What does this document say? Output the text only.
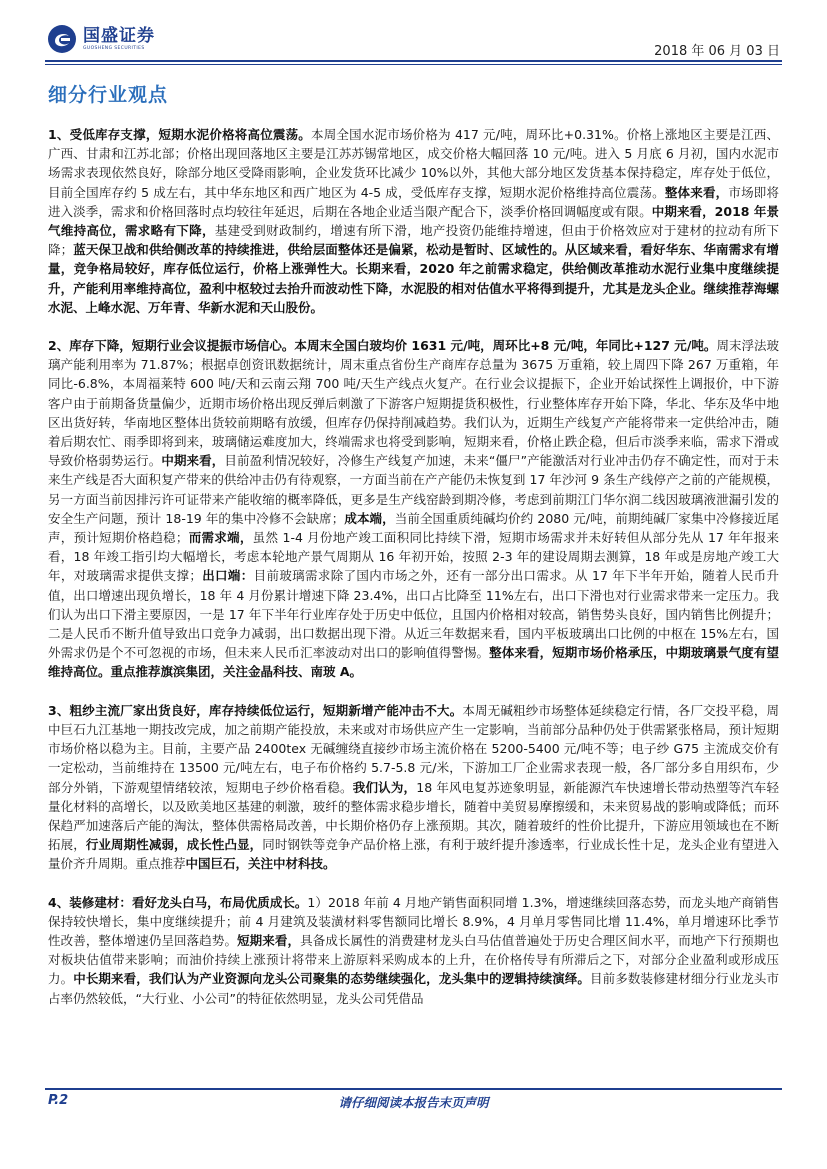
国盛证券
GUOSHENG SECURITIES	2018 年 06 月 03 日
细分行业观点

1、受低库存支撑，短期水泥价格将高位震荡。本周全国水泥市场价格为 417 元/吨，周环比+0.31%。价格上涨地区主要是江西、广西、甘肃和江苏北部；价格出现回落地区主要是江苏苏锡常地区，成交价格大幅回落 10 元/吨。进入 5 月底 6 月初，国内水泥市场需求表现依然良好，除部分地区受降雨影响，企业发货环比减少 10%以外，其他大部分地区发货基本保持稳定，库存处于低位，目前全国库存约 5 成左右，其中华东地区和西广地区为 4-5 成，受低库存支撑，短期水泥价格维持高位震荡。整体来看，市场即将进入淡季，需求和价格回落时点均较往年延迟，后期在各地企业适当限产配合下，淡季价格回调幅度或有限。中期来看，2018 年景气维持高位，需求略有下降，基建受到财政制约，增速有所下滑，地产投资仍能维持增速，但由于价格效应对于建材的拉动有所下降；蓝天保卫战和供给侧改革的持续推进，供给层面整体还是偏紧，松动是暂时、区域性的。从区域来看，看好华东、华南需求有增量，竞争格局较好，库存低位运行，价格上涨弹性大。长期来看，2020 年之前需求稳定，供给侧改革推动水泥行业集中度继续提升，产能利用率维持高位，盈利中枢较过去抬升而波动性下降，水泥股的相对估值水平将得到提升，尤其是龙头企业。继续推荐海螺水泥、上峰水泥、万年青、华新水泥和天山股份。

2、库存下降，短期行业会议提振市场信心。本周末全国白玻均价 1631 元/吨，周环比+8 元/吨，年同比+127 元/吨。周末浮法玻璃产能利用率为 71.87%；根据卓创资讯数据统计，周末重点省份生产商库存总量为 3675 万重箱，较上周四下降 267 万重箱，年同比-6.8%，本周福莱特 600 吨/天和云南云翔 700 吨/天生产线点火复产。在行业会议提振下，企业开始试探性上调报价，中下游客户由于前期备货量偏少，近期市场价格出现反弹后刺激了下游客户短期提货积极性，行业整体库存开始下降，华北、华东及华中地区出货好转，华南地区整体出货较前期略有放缓，但库存仍保持削减趋势。我们认为，近期生产线复产产能将带来一定供给冲击，随着后期农忙、雨季即将到来，玻璃储运难度加大，终端需求也将受到影响，短期来看，价格止跌企稳，但后市淡季来临，需求下滑或导致价格弱势运行。中期来看，目前盈利情况较好，冷修生产线复产加速，未来“僵尸”产能激活对行业冲击仍存不确定性，而对于未来生产线是否大面积复产带来的供给冲击仍有待观察，一方面当前在产产能仍未恢复到 17 年沙河 9 条生产线停产之前的产能规模，另一方面当前因排污许可证带来产能收缩的概率降低，更多是生产线窑龄到期冷修，考虑到前期江门华尔润二线因玻璃液泄漏引发的安全生产问题，预计 18-19 年的集中冷修不会缺席；成本端，当前全国重质纯碱均价约 2080 元/吨，前期纯碱厂家集中冷修接近尾声，预计短期价格趋稳；而需求端，虽然 1-4 月份地产竣工面积同比持续下滑，短期市场需求并未好转但从部分先从 17 年年报来看，18 年竣工指引均大幅增长，考虑本轮地产景气周期从 16 年初开始，按照 2-3 年的建设周期去测算，18 年或是房地产竣工大年，对玻璃需求提供支撑；出口端：目前玻璃需求除了国内市场之外，还有一部分出口需求。从 17 年下半年开始，随着人民币升值，出口增速出现负增长，18 年 4 月份累计增速下降 23.4%，出口占比降至 11%左右，出口下滑也对行业需求带来一定压力。我们认为出口下滑主要原因，一是 17 年下半年行业库存处于历史中低位，且国内价格相对较高，销售势头良好，国内销售比例提升；二是人民币不断升值导致出口竞争力减弱，出口数据出现下滑。从近三年数据来看，国内平板玻璃出口比例的中枢在 15%左右，国外需求仍是个不可忽视的市场，但未来人民币汇率波动对出口的影响值得警惕。整体来看，短期市场价格承压，中期玻璃景气度有望维持高位。重点推荐旗滨集团，关注金晶科技、南玻 A。

3、粗纱主流厂家出货良好，库存持续低位运行，短期新增产能冲击不大。本周无碱粗纱市场整体延续稳定行情，各厂交投平稳，周中巨石九江基地一期技改完成，加之前期产能投放，未来或对市场供应产生一定影响，当前部分品种仍处于供需紧张格局，预计短期市场价格以稳为主。目前，主要产品 2400tex 无碱缠绕直接纱市场主流价格在 5200-5400 元/吨不等；电子纱 G75 主流成交价有一定松动，当前维持在 13500 元/吨左右，电子布价格约 5.7-5.8 元/米，下游加工厂企业需求表现一般，各厂部分多自用织布，少部分外销，下游观望情绪较浓，短期电子纱价格看稳。我们认为，18 年风电复苏迹象明显，新能源汽车快速增长带动热塑等汽车轻量化材料的高增长，以及欧美地区基建的刺激，玻纤的整体需求稳步增长，随着中美贸易摩擦缓和，未来贸易战的影响或降低；而环保趋严加速落后产能的淘汰，整体供需格局改善，中长期价格仍存上涨预期。其次，随着玻纤的性价比提升，下游应用领域也在不断拓展，行业周期性减弱，成长性凸显，同时钢铁等竞争产品价格上涨，有利于玻纤提升渗透率，行业成长性十足，龙头企业有望进入量价齐升周期。重点推荐中国巨石，关注中材科技。

4、装修建材：看好龙头白马，布局优质成长。1）2018 年前 4 月地产销售面积同增 1.3%，增速继续回落态势，而龙头地产商销售保持较快增长，集中度继续提升；前 4 月建筑及装潢材料零售额同比增长 8.9%，4 月单月零售同比增 11.4%，单月增速环比季节性改善，整体增速仍呈回落趋势。短期来看，具备成长属性的消费建材龙头白马估值普遍处于历史合理区间水平，而地产下行预期也对板块估值带来影响；而油价持续上涨预计将带来上游原料采购成本的上升，在价格传导有所滞后之下，对部分企业盈利或形成压力。中长期来看，我们认为产业资源向龙头公司聚集的态势继续强化，龙头集中的逻辑持续演绎。目前多数装修建材细分行业龙头市占率仍然较低，“大行业、小公司”的特征依然明显，龙头公司凭借品

P.2	请仔细阅读本报告末页声明
